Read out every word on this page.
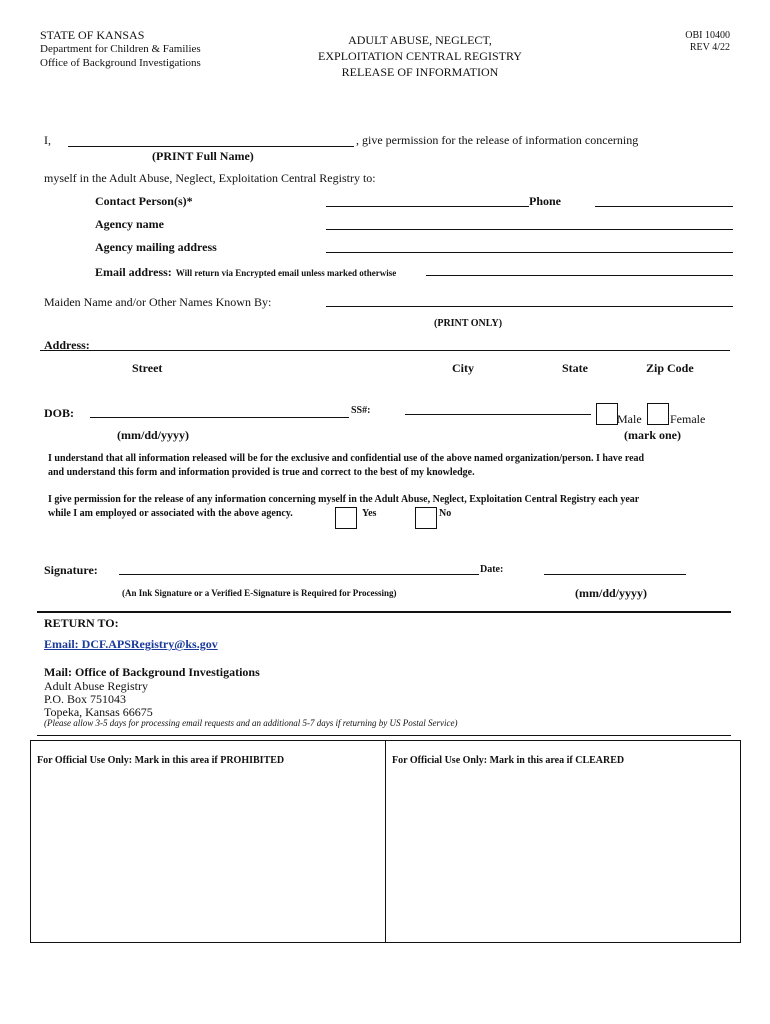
STATE OF KANSAS
Department for Children & Families
Office of Background Investigations
ADULT ABUSE, NEGLECT,
EXPLOITATION CENTRAL REGISTRY
RELEASE OF INFORMATION
OBI 10400
REV 4/22
I,	, give permission for the release of information concerning
(PRINT Full Name)
myself in the Adult Abuse, Neglect, Exploitation Central Registry to:
Contact Person(s)*	Phone
Agency name
Agency mailing address
Email address: Will return via Encrypted email unless marked otherwise
Maiden Name and/or Other Names Known By:
(PRINT ONLY)
Address:
Street	City	State	Zip Code
DOB:	SS#:
Male Female
(mm/dd/yyyy)	(mark one)
I understand that all information released will be for the exclusive and confidential use of the above named organization/person. I have read
and understand this form and information provided is true and correct to the best of my knowledge.
I give permission for the release of any information concerning myself in the Adult Abuse, Neglect, Exploitation Central Registry each year
while I am employed or associated with the above agency.	Yes	No
Signature:	Date:
(An Ink Signature or a Verified E-Signature is Required for Processing)	(mm/dd/yyyy)
RETURN TO:
Email: DCF.APSRegistry@ks.gov
Mail: Office of Background Investigations
Adult Abuse Registry
P.O. Box 751043
Topeka, Kansas 66675
(Please allow 3-5 days for processing email requests and an additional 5-7 days if returning by US Postal Service)
For Official Use Only: Mark in this area if PROHIBITED	For Official Use Only: Mark in this area if CLEARED
